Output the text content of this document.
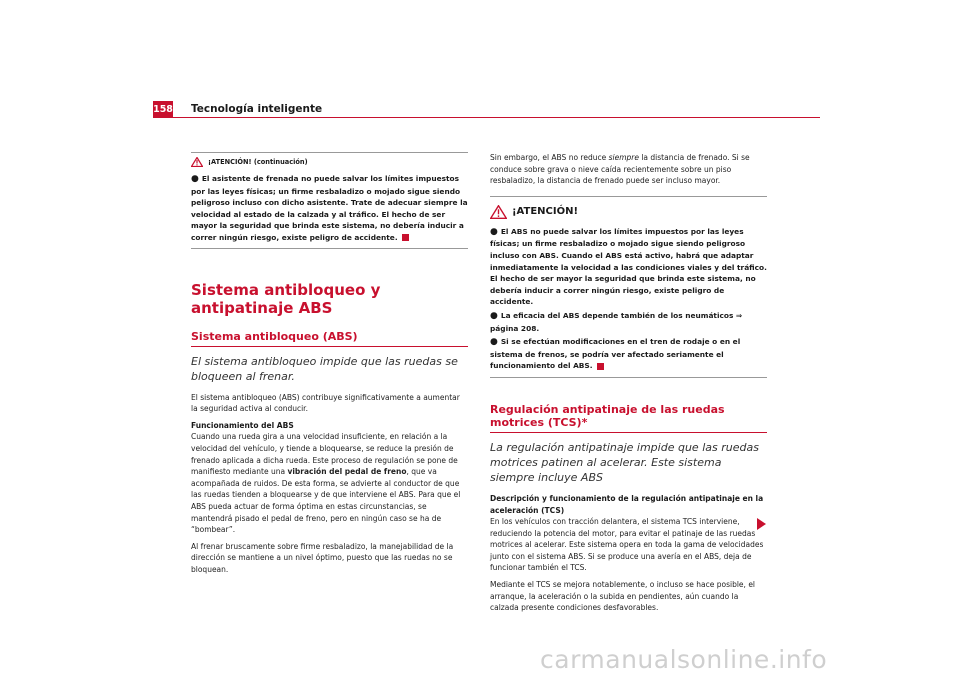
158 Tecnología inteligente
¡ATENCIÓN! (continuación)

● El asistente de frenada no puede salvar los límites impuestos por las leyes físicas; un firme resbaladizo o mojado sigue siendo peligroso incluso con dicho asistente. Trate de adecuar siempre la velocidad al estado de la calzada y al tráfico. El hecho de ser mayor la seguridad que brinda este sistema, no debería inducir a correr ningún riesgo, existe peligro de accidente.

Sistema antibloqueo y antipatinaje ABS
Sistema antibloqueo (ABS)

El sistema antibloqueo impide que las ruedas se bloqueen al frenar.

El sistema antibloqueo (ABS) contribuye significativamente a aumentar la seguridad activa al conducir.

Funcionamiento del ABS

Cuando una rueda gira a una velocidad insuficiente, en relación a la velocidad del vehículo, y tiende a bloquearse, se reduce la presión de frenado aplicada a dicha rueda. Este proceso de regulación se pone de manifiesto mediante una vibración del pedal de freno, que va acompañada de ruidos. De esta forma, se advierte al conductor de que las ruedas tienden a bloquearse y de que interviene el ABS. Para que el ABS pueda actuar de forma óptima en estas circunstancias, se mantendrá pisado el pedal de freno, pero en ningún caso se ha de “bombear”.

Al frenar bruscamente sobre firme resbaladizo, la manejabilidad de la dirección se mantiene a un nivel óptimo, puesto que las ruedas no se bloquean.

Sin embargo, el ABS no reduce siempre la distancia de frenado. Si se conduce sobre grava o nieve caída recientemente sobre un piso resbaladizo, la distancia de frenado puede ser incluso mayor.

¡ATENCIÓN!

● El ABS no puede salvar los límites impuestos por las leyes físicas; un firme resbaladizo o mojado sigue siendo peligroso incluso con ABS. Cuando el ABS está activo, habrá que adaptar inmediatamente la velocidad a las condiciones viales y del tráfico. El hecho de ser mayor la seguridad que brinda este sistema, no debería inducir a correr ningún riesgo, existe peligro de accidente.

● La eficacia del ABS depende también de los neumáticos ⇒ página 208.

● Si se efectúan modificaciones en el tren de rodaje o en el sistema de frenos, se podría ver afectado seriamente el funcionamiento del ABS.

Regulación antipatinaje de las ruedas motrices (TCS)*

La regulación antipatinaje impide que las ruedas motrices patinen al acelerar. Este sistema siempre incluye ABS

Descripción y funcionamiento de la regulación antipatinaje en la aceleración (TCS)

En los vehículos con tracción delantera, el sistema TCS interviene, reduciendo la potencia del motor, para evitar el patinaje de las ruedas motrices al acelerar. Este sistema opera en toda la gama de velocidades junto con el sistema ABS. Si se produce una avería en el ABS, deja de funcionar también el TCS.

Mediante el TCS se mejora notablemente, o incluso se hace posible, el arranque, la aceleración o la subida en pendientes, aún cuando la calzada presente condiciones desfavorables.

carmanualsonline.info
